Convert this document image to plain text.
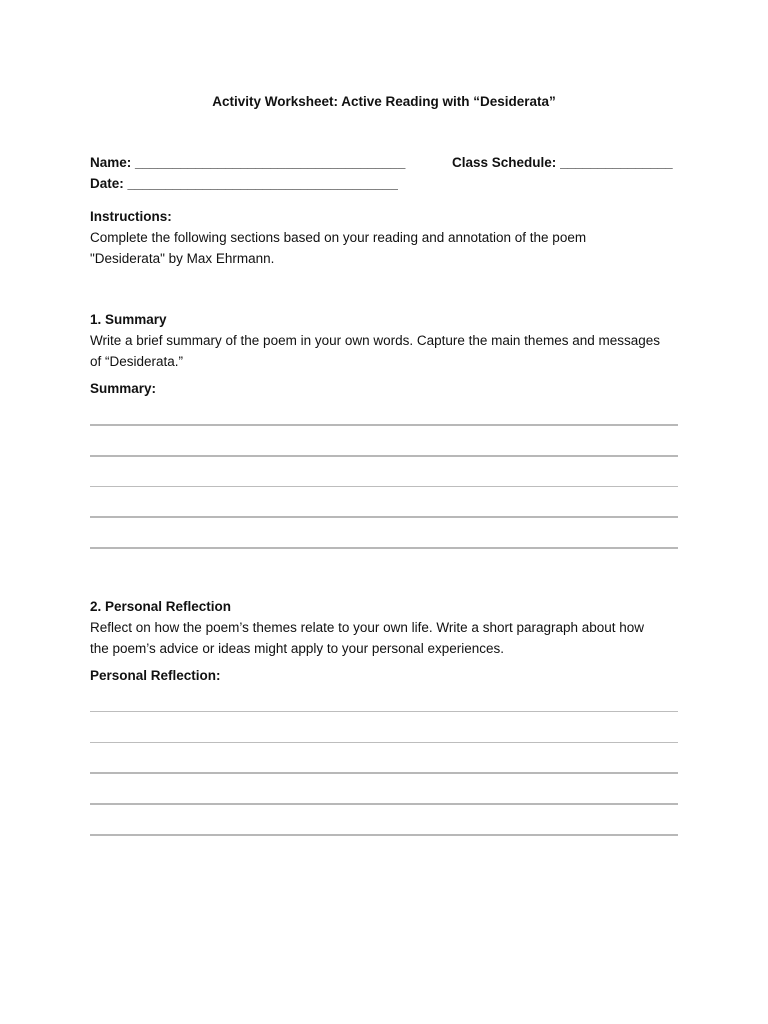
Activity Worksheet: Active Reading with “Desiderata”
Name: ____________________________________	Class Schedule: _______________
Date: ____________________________________
Instructions:
Complete the following sections based on your reading and annotation of the poem
"Desiderata" by Max Ehrmann.
1. Summary
Write a brief summary of the poem in your own words. Capture the main themes and messages
of “Desiderata.”
Summary:
2. Personal Reflection
Reflect on how the poem’s themes relate to your own life. Write a short paragraph about how
the poem’s advice or ideas might apply to your personal experiences.
Personal Reflection:
